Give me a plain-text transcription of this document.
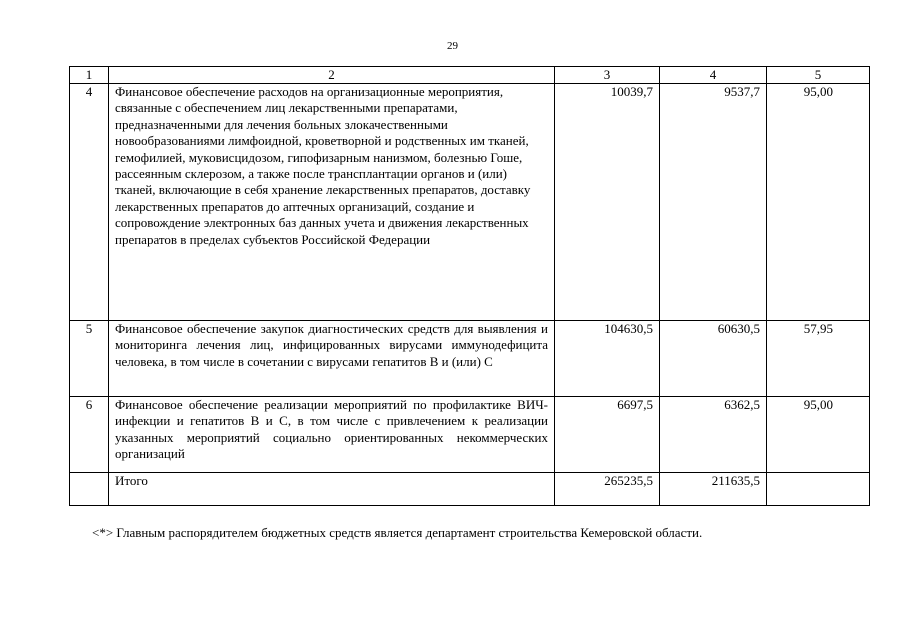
29
1	2	3	4	5
4	Финансовое обеспечение расходов на организационные мероприятия, связанные с обеспечением лиц лекарственными препаратами, предназначенными для лечения больных злокачественными новообразованиями лимфоидной, кроветворной и родственных им тканей, гемофилией, муковисцидозом, гипофизарным нанизмом, болезнью Гоше, рассеянным склерозом, а также после трансплантации органов и (или) тканей, включающие в себя хранение лекарственных препаратов, доставку лекарственных препаратов до аптечных организаций, создание и сопровождение электронных баз данных учета и движения лекарственных препаратов в пределах субъектов Российской Федерации	10039,7	9537,7	95,00
5	Финансовое обеспечение закупок диагностических средств для выявления и мониторинга лечения лиц, инфицированных вирусами иммунодефицита человека, в том числе в сочетании с вирусами гепатитов B и (или) C	104630,5	60630,5	57,95
6	Финансовое обеспечение реализации мероприятий по профилактике ВИЧ-инфекции и гепатитов B и C, в том числе с привлечением к реализации указанных мероприятий социально ориентированных некоммерческих организаций	6697,5	6362,5	95,00
	Итого	265235,5	211635,5	
<*> Главным распорядителем бюджетных средств является департамент строительства Кемеровской области.
